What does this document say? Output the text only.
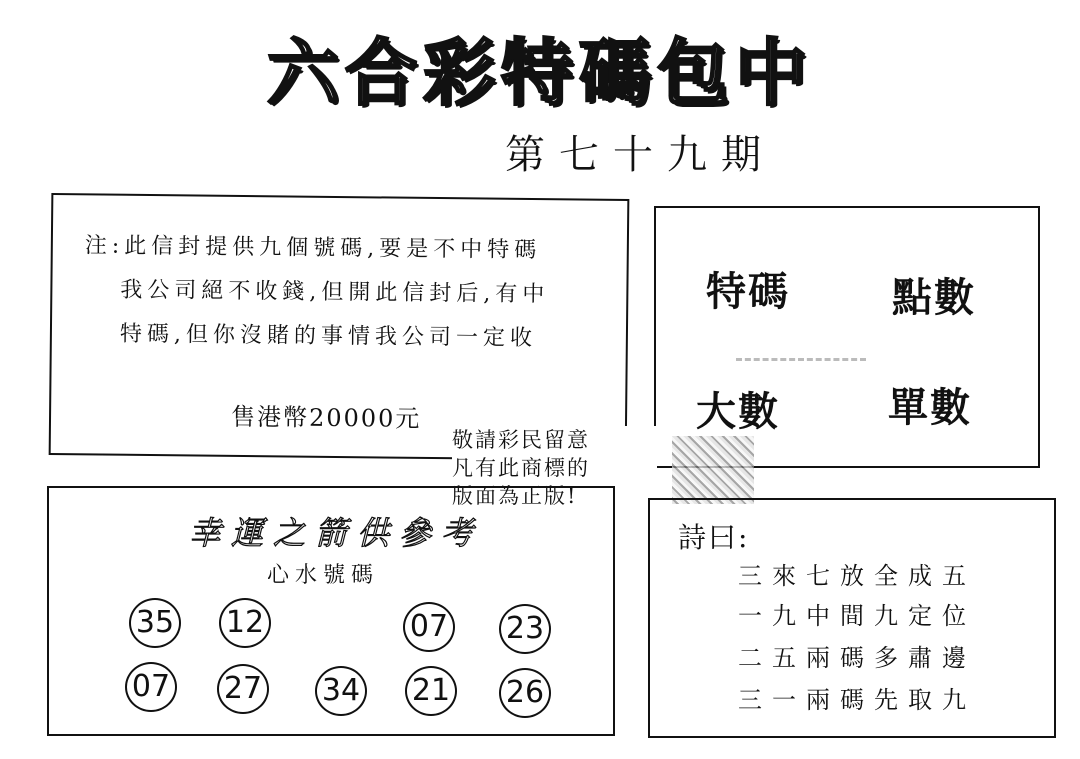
六合彩特碼包中
第七十九期
注:此信封提供九個號碼,要是不中特碼
我公司絕不收錢,但開此信封后,有中
特碼,但你沒賭的事情我公司一定收
售港幣20000元
特碼	點數
大數	單數
敬請彩民留意
凡有此商標的
版面為正版!
幸運之箭供參考
心水號碼
35 12	07 23
07 27 34 21 26
詩曰:
三來七放全成五
一九中間九定位
二五兩碼多肅邊
三一兩碼先取九
